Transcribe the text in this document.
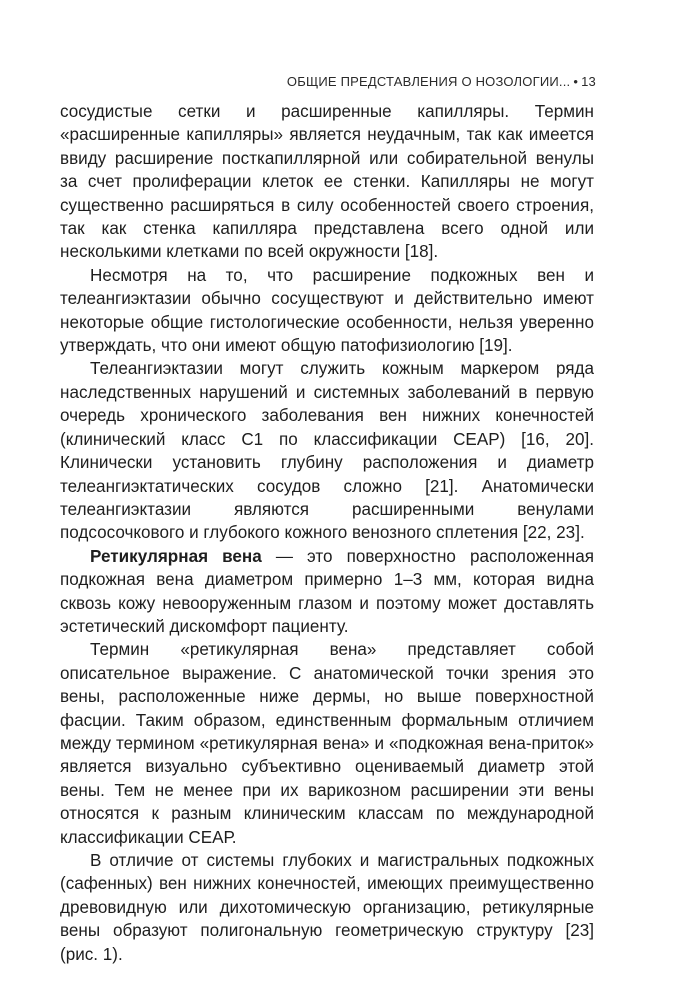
ОБЩИЕ ПРЕДСТАВЛЕНИЯ О НОЗОЛОГИИ... • 13

сосудистые сетки и расширенные капилляры. Термин «расширенные капилляры» является неудачным, так как имеется ввиду расширение посткапиллярной или собирательной венулы за счет пролиферации клеток ее стенки. Капилляры не могут существенно расширяться в силу особенностей своего строения, так как стенка капилляра представлена всего одной или несколькими клетками по всей окружности [18].

Несмотря на то, что расширение подкожных вен и телеангиэктазии обычно сосуществуют и действительно имеют некоторые общие гистологические особенности, нельзя уверенно утверждать, что они имеют общую патофизиологию [19].

Телеангиэктазии могут служить кожным маркером ряда наследственных нарушений и системных заболеваний в первую очередь хронического заболевания вен нижних конечностей (клинический класс С1 по классификации СЕАР) [16, 20]. Клинически установить глубину расположения и диаметр телеангиэктатических сосудов сложно [21]. Анатомически телеангиэктазии являются расширенными венулами подсосочкового и глубокого кожного венозного сплетения [22, 23].

Ретикулярная вена — это поверхностно расположенная подкожная вена диаметром примерно 1–3 мм, которая видна сквозь кожу невооруженным глазом и поэтому может доставлять эстетический дискомфорт пациенту.

Термин «ретикулярная вена» представляет собой описательное выражение. С анатомической точки зрения это вены, расположенные ниже дермы, но выше поверхностной фасции. Таким образом, единственным формальным отличием между термином «ретикулярная вена» и «подкожная вена-приток» является визуально субъективно оцениваемый диаметр этой вены. Тем не менее при их варикозном расширении эти вены относятся к разным клиническим классам по международной классификации СЕАР.

В отличие от системы глубоких и магистральных подкожных (сафенных) вен нижних конечностей, имеющих преимущественно древовидную или дихотомическую организацию, ретикулярные вены образуют полигональную геометрическую структуру [23] (рис. 1).
